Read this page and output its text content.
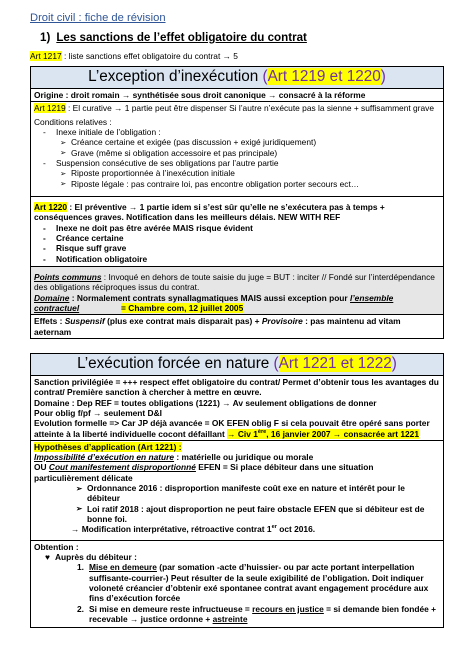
Droit civil : fiche de révision
1) Les sanctions de l’effet obligatoire du contrat
Art 1217 : liste sanctions effet obligatoire du contrat → 5
L’exception d’inexécution (Art 1219 et 1220)
Origine : droit romain → synthétisée sous droit canonique → consacré à la réforme

Art 1219 : El curative → 1 partie peut être dispenser Si l’autre n’exécute pas la sienne + suffisamment grave
Conditions relatives :
- Inexe initiale de l’obligation :
➢ Créance certaine et exigée (pas discussion + exigé juridiquement)
➢ Grave (même si obligation accessoire et pas principale)
- Suspension consécutive de ses obligations par l’autre partie
➢ Riposte proportionnée à l’inexécution initiale
➢ Riposte légale : pas contraire loi, pas encontre obligation porter secours ect…

Art 1220 : El préventive → 1 partie idem si s’est sûr qu’elle ne s’exécutera pas à temps + conséquences graves. Notification dans les meilleurs délais. NEW WITH REF
- Inexe ne doit pas être avérée MAIS risque évident
- Créance certaine
- Risque suff grave
- Notification obligatoire

Points communs : Invoqué en dehors de toute saisie du juge = BUT : inciter // Fondé sur l’interdépendance des obligations réciproques issus du contrat.
Domaine : Normalement contrats synallagmatiques MAIS aussi exception pour l’ensemble contractuel	= Chambre com, 12 juillet 2005

Effets : Suspensif (plus exe contrat mais disparait pas) + Provisoire : pas maintenu ad vitam aeternam
L’exécution forcée en nature (Art 1221 et 1222)

Sanction privilégiée = +++ respect effet obligatoire du contrat/ Permet d’obtenir tous les avantages du contrat/ Première sanction à chercher à mettre en œuvre.
Domaine : Dep REF = toutes obligations (1221) → Av seulement obligations de donner
Pour oblig f/pf → seulement D&I
Evolution formelle => Car JP déjà avancée = OK EFEN oblig F si cela pouvait être opéré sans porter atteinte à la liberté individuelle cocont défaillant → Civ 1ère, 16 janvier 2007 → consacrée art 1221

Hypothèses d’application (Art 1221) :
Impossibilité d’exécution en nature : matérielle ou juridique ou morale
OU Cout manifestement disproportionné EFEN = Si place débiteur dans une situation particulièrement délicate
➢ Ordonnance 2016 : disproportion manifeste coût exe en nature et intérêt pour le débiteur
➢ Loi ratif 2018 : ajout disproportion ne peut faire obstacle EFEN que si débiteur est de bonne foi.
→ Modification interprétative, rétroactive contrat 1er oct 2016.

Obtention :
♥ Auprès du débiteur :
1. Mise en demeure (par somation -acte d’huissier- ou par acte portant interpellation suffisante-courrier-) Peut résulter de la seule exigibilité de l’obligation. Doit indiquer voloneté créancier d’obtenir exé spontanee contrat avant engagement procédure aux fins d’exécution forcée
2. Si mise en demeure reste infructueuse = recours en justice = si demande bien fondée + recevable → justice ordonne + astreinte
